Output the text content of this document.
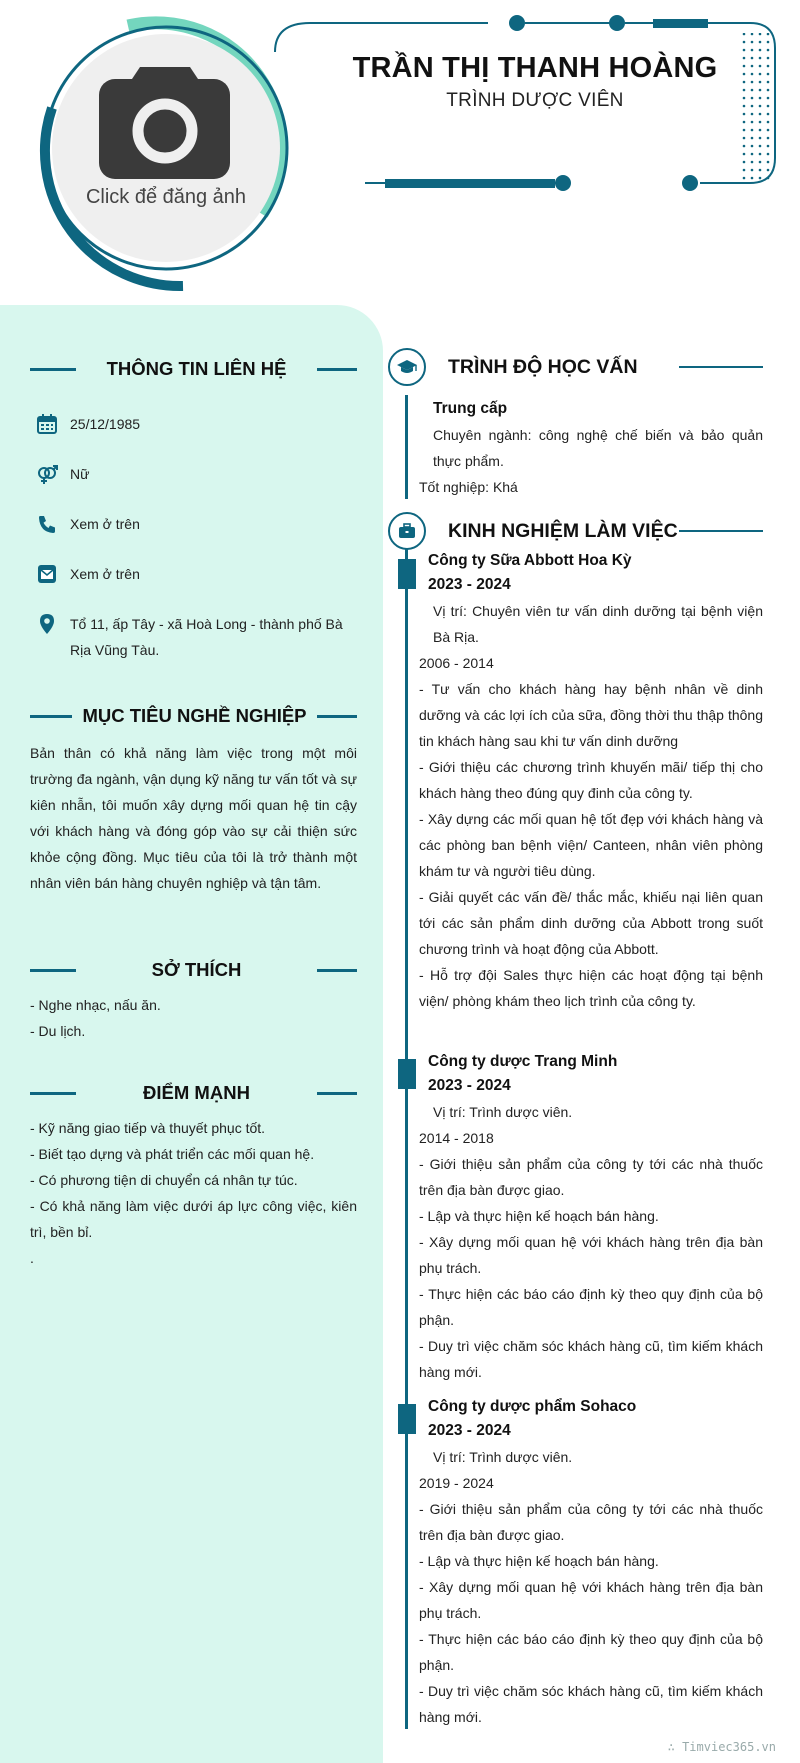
Click để đăng ảnh
TRẦN THỊ THANH HOÀNG
TRÌNH DƯỢC VIÊN
THÔNG TIN LIÊN HỆ
25/12/1985
Nữ
Xem ở trên
Xem ở trên
Tổ 11, ấp Tây - xã Hoà Long - thành phố Bà Rịa Vũng Tàu.
MỤC TIÊU NGHỀ NGHIỆP
Bản thân có khả năng làm việc trong một môi trường đa ngành, vận dụng kỹ năng tư vấn tốt và sự kiên nhẫn, tôi muốn xây dựng mối quan hệ tin cậy với khách hàng và đóng góp vào sự cải thiện sức khỏe cộng đồng. Mục tiêu của tôi là trở thành một nhân viên bán hàng chuyên nghiệp và tận tâm.
SỞ THÍCH
- Nghe nhạc, nấu ăn.
- Du lịch.
ĐIỂM MẠNH
- Kỹ năng giao tiếp và thuyết phục tốt.
- Biết tạo dựng và phát triển các mối quan hệ.
- Có phương tiện di chuyển cá nhân tự túc.
- Có khả năng làm việc dưới áp lực công việc, kiên trì, bền bỉ.
.
TRÌNH ĐỘ HỌC VẤN
Trung cấp
Chuyên ngành: công nghệ chế biến và bảo quản thực phẩm.
Tốt nghiệp: Khá
KINH NGHIỆM LÀM VIỆC
Công ty Sữa Abbott Hoa Kỳ
2023 - 2024
Vị trí: Chuyên viên tư vấn dinh dưỡng tại bệnh viện Bà Rịa.
2006 - 2014
- Tư vấn cho khách hàng hay bệnh nhân về dinh dưỡng và các lợi ích của sữa, đồng thời thu thập thông tin khách hàng sau khi tư vấn dinh dưỡng
- Giới thiệu các chương trình khuyến mãi/ tiếp thị cho khách hàng theo đúng quy đinh của công ty.
- Xây dựng các mối quan hệ tốt đẹp với khách hàng và các phòng ban bệnh viện/ Canteen, nhân viên phòng khám tư và người tiêu dùng.
- Giải quyết các vấn đề/ thắc mắc, khiếu nại liên quan tới các sản phẩm dinh dưỡng của Abbott trong suốt chương trình và hoạt động của Abbott.
- Hỗ trợ đội Sales thực hiện các hoạt động tại bệnh viện/ phòng khám theo lịch trình của công ty.
Công ty dược Trang Minh
2023 - 2024
Vị trí: Trình dược viên.
2014 - 2018
- Giới thiệu sản phẩm của công ty tới các nhà thuốc trên địa bàn được giao.
- Lập và thực hiện kế hoạch bán hàng.
- Xây dựng mối quan hệ với khách hàng trên địa bàn phụ trách.
- Thực hiện các báo cáo định kỳ theo quy định của bộ phận.
- Duy trì việc chăm sóc khách hàng cũ, tìm kiếm khách hàng mới.
Công ty dược phẩm Sohaco
2023 - 2024
Vị trí: Trình dược viên.
2019 - 2024
- Giới thiệu sản phẩm của công ty tới các nhà thuốc trên địa bàn được giao.
- Lập và thực hiện kế hoạch bán hàng.
- Xây dựng mối quan hệ với khách hàng trên địa bàn phụ trách.
- Thực hiện các báo cáo định kỳ theo quy định của bộ phận.
- Duy trì việc chăm sóc khách hàng cũ, tìm kiếm khách hàng mới.
∴ Timviec365.vn
